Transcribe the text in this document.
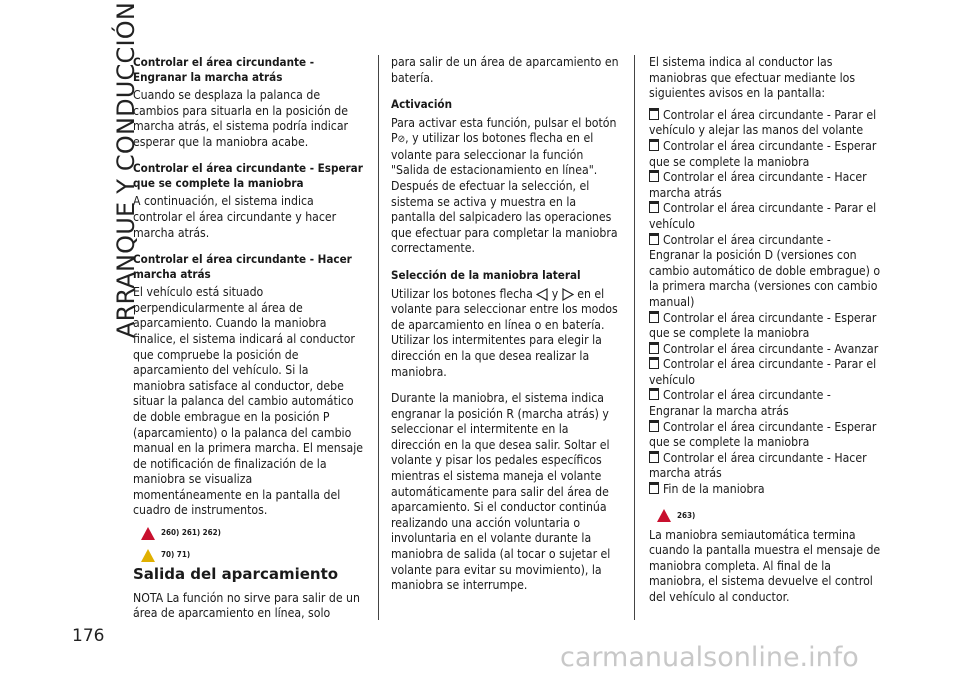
ARRANQUE Y CONDUCCIÓN
176
Controlar el área circundante - Engranar la marcha atrás

Cuando se desplaza la palanca de cambios para situarla en la posición de marcha atrás, el sistema podría indicar esperar que la maniobra acabe.

Controlar el área circundante - Esperar que se complete la maniobra

A continuación, el sistema indica controlar el área circundante y hacer marcha atrás.

Controlar el área circundante - Hacer marcha atrás

El vehículo está situado perpendicularmente al área de aparcamiento. Cuando la maniobra finalice, el sistema indicará al conductor que compruebe la posición de aparcamiento del vehículo. Si la maniobra satisface al conductor, debe situar la palanca del cambio automático de doble embrague en la posición P (aparcamiento) o la palanca del cambio manual en la primera marcha. El mensaje de notificación de finalización de la maniobra se visualiza momentáneamente en la pantalla del cuadro de instrumentos.

260) 261) 262)
70) 71)
Salida del aparcamiento

NOTA La función no sirve para salir de un área de aparcamiento en línea, solo

para salir de un área de aparcamiento en batería.

Activación

Para activar esta función, pulsar el botón P⊘, y utilizar los botones flecha en el volante para seleccionar la función "Salida de estacionamiento en línea". Después de efectuar la selección, el sistema se activa y muestra en la pantalla del salpicadero las operaciones que efectuar para completar la maniobra correctamente.

Selección de la maniobra lateral

Utilizar los botones flecha y en el volante para seleccionar entre los modos de aparcamiento en línea o en batería. Utilizar los intermitentes para elegir la dirección en la que desea realizar la maniobra.

Durante la maniobra, el sistema indica engranar la posición R (marcha atrás) y seleccionar el intermitente en la dirección en la que desea salir. Soltar el volante y pisar los pedales específicos mientras el sistema maneja el volante automáticamente para salir del área de aparcamiento. Si el conductor continúa realizando una acción voluntaria o involuntaria en el volante durante la maniobra de salida (al tocar o sujetar el volante para evitar su movimiento), la maniobra se interrumpe.

El sistema indica al conductor las maniobras que efectuar mediante los siguientes avisos en la pantalla:

Controlar el área circundante - Parar el vehículo y alejar las manos del volante
Controlar el área circundante - Esperar que se complete la maniobra
Controlar el área circundante - Hacer marcha atrás
Controlar el área circundante - Parar el vehículo
Controlar el área circundante - Engranar la posición D (versiones con cambio automático de doble embrague) o la primera marcha (versiones con cambio manual)
Controlar el área circundante - Esperar que se complete la maniobra
Controlar el área circundante - Avanzar
Controlar el área circundante - Parar el vehículo
Controlar el área circundante - Engranar la marcha atrás
Controlar el área circundante - Esperar que se complete la maniobra
Controlar el área circundante - Hacer marcha atrás
Fin de la maniobra
263)

La maniobra semiautomática termina cuando la pantalla muestra el mensaje de maniobra completa. Al final de la maniobra, el sistema devuelve el control del vehículo al conductor.

carmanualsonline.info
